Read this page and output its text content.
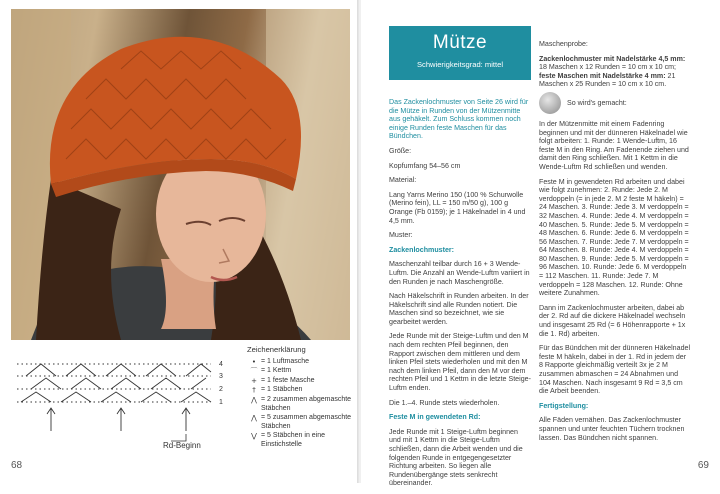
4
3
2
1
Rd-Beginn
Zeichenerklärung
• = 1 Luftmasche
⌒ = 1 Kettm
+ = 1 feste Masche
† = 1 Stäbchen
⋀ = 2 zusammen abgemaschte Stäbchen
⋀ = 5 zusammen abgemaschte Stäbchen
⋁ = 5 Stäbchen in eine Einstichstelle
68
Mütze
Schwierigkeitsgrad: mittel

Das Zackenlochmuster von Seite 26 wird für die Mütze in Runden von der Mützenmitte aus gehäkelt. Zum Schluss kommen noch einige Runden feste Maschen für das Bündchen.

Größe:

Kopfumfang 54–56 cm

Material:

Lang Yarns Merino 150 (100 % Schurwolle (Merino fein), LL = 150 m/50 g), 100 g Orange (Fb 0159); je 1 Häkelnadel in 4 und 4,5 mm.

Muster:

Zackenlochmuster:

Maschenzahl teilbar durch 16 + 3 Wende-Luftm. Die Anzahl an Wende-Luftm variiert in den Runden je nach Maschengröße.

Nach Häkelschrift in Runden arbeiten. In der Häkelschrift sind alle Runden notiert. Die Maschen sind so bezeichnet, wie sie gearbeitet werden.

Jede Runde mit der Steige-Luftm und den M nach dem rechten Pfeil beginnen, den Rapport zwischen dem mittleren und dem linken Pfeil stets wiederholen und mit den M nach dem linken Pfeil, dann den M vor dem rechten Pfeil und 1 Kettm in die letzte Steige-Luftm enden.

Die 1.–4. Runde stets wiederholen.

Feste M in gewendeten Rd:

Jede Runde mit 1 Steige-Luftm beginnen und mit 1 Kettm in die Steige-Luftm schließen, dann die Arbeit wenden und die folgenden Runde in entgegengesetzter Richtung arbeiten. So liegen alle Rundenübergänge stets senkrecht übereinander.

Maschenprobe:

Zackenlochmuster mit Nadelstärke 4,5 mm: 18 Maschen x 12 Runden = 10 cm x 10 cm; feste Maschen mit Nadelstärke 4 mm: 21 Maschen x 25 Runden = 10 cm x 10 cm.

So wird's gemacht:

In der Mützenmitte mit einem Fadenring beginnen und mit der dünneren Häkelnadel wie folgt arbeiten: 1. Runde: 1 Wende-Luftm, 16 feste M in den Ring. Am Fadenende ziehen und damit den Ring schließen. Mit 1 Kettm in die Wende-Luftm Rd schließen und wenden.

Feste M in gewendeten Rd arbeiten und dabei wie folgt zunehmen: 2. Runde: Jede 2. M verdoppeln (= in jede 2. M 2 feste M häkeln) = 24 Maschen. 3. Runde: Jede 3. M verdoppeln = 32 Maschen. 4. Runde: Jede 4. M verdoppeln = 40 Maschen. 5. Runde: Jede 5. M verdoppeln = 48 Maschen. 6. Runde: Jede 6. M verdoppeln = 56 Maschen. 7. Runde: Jede 7. M verdoppeln = 64 Maschen. 8. Runde: Jede 4. M verdoppeln = 80 Maschen. 9. Runde: Jede 5. M verdoppeln = 96 Maschen. 10. Runde: Jede 6. M verdoppeln = 112 Maschen. 11. Runde: Jede 7. M verdoppeln = 128 Maschen. 12. Runde: Ohne weitere Zunahmen.

Dann im Zackenlochmuster arbeiten, dabei ab der 2. Rd auf die dickere Häkelnadel wechseln und insgesamt 25 Rd (= 6 Höhenrapporte + 1x die 1. Rd) arbeiten.

Für das Bündchen mit der dünneren Häkelnadel feste M häkeln, dabei in der 1. Rd in jedem der 8 Rapporte gleichmäßig verteilt 3x je 2 M zusammen abmaschen = 24 Abnahmen und 104 Maschen. Nach insgesamt 9 Rd = 3,5 cm die Arbeit beenden.

Fertigstellung:

Alle Fäden vernähen. Das Zackenlochmuster spannen und unter feuchten Tüchern trocknen lassen. Das Bündchen nicht spannen.

69
